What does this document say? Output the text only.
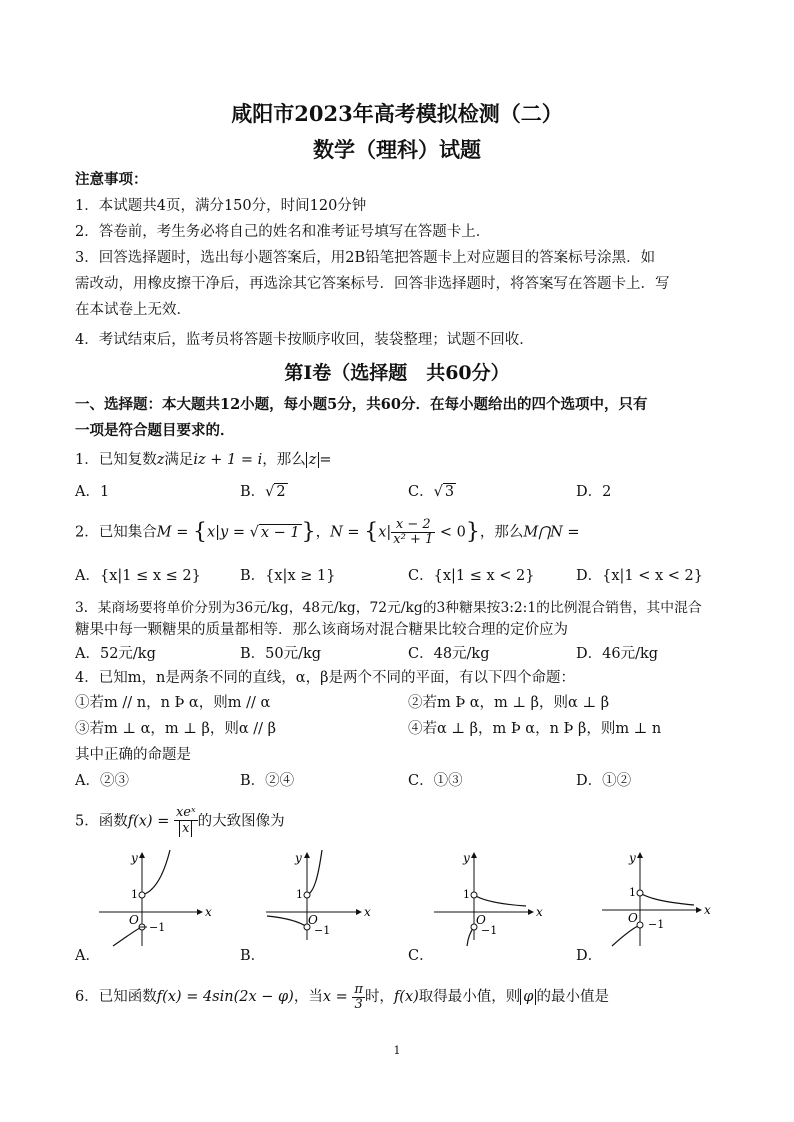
咸阳市2023年高考模拟检测（二）
数学（理科）试题
注意事项：
1．本试题共4页，满分150分，时间120分钟
2．答卷前，考生务必将自己的姓名和准考证号填写在答题卡上．
3．回答选择题时，选出每小题答案后，用2B铅笔把答题卡上对应题目的答案标号涂黑．如
需改动，用橡皮擦干净后，再选涂其它答案标号．回答非选择题时，将答案写在答题卡上．写
在本试卷上无效．
4．考试结束后，监考员将答题卡按顺序收回，装袋整理；试题不回收．
第Ⅰ卷（选择题　共60分）
一、选择题：本大题共12小题，每小题5分，共60分．在每小题给出的四个选项中，只有
一项是符合题目要求的．
1．已知复数z满足iz + 1 = i，那么 z =
A．1	B．√ 2	C．√ 3	D．2
2．已知集合M = {x|y = √ x − 1}，$N = \{x| \frac{x - 2}{\text{x² + 1}} < 0\}$，那么M⋂N =
A．{x|1 ≤ x ≤ 2}	B．{x|x ≥ 1}	C．{x|1 ≤ x < 2}	D．{x|1 < x < 2}
3．某商场要将单价分别为36元/kg，48元/kg，72元/kg的3种糖果按3:2:1的比例混合销售，其中混合
糖果中每一颗糖果的质量都相等．那么该商场对混合糖果比较合理的定价应为
A．52元/kg	B．50元/kg	C．48元/kg	D．46元/kg
4．已知m，n是两条不同的直线，α，β是两个不同的平面，有以下四个命题：
①若m // n，n Þ α，则m // α	②若m Þ α，m ⊥ β，则α ⊥ β
③若m ⊥ α，m ⊥ β，则α // β	④若α ⊥ β，m Þ α，n Þ β，则m ⊥ n
其中正确的命题是
A．②③	B．②④	C．①③	D．①②
5．函数$f(x) = \frac{\text{xeˣ}}{x}$ 的大致图像为
y
x
1
O
−1
A．
y
x
1
O
−1
B．
y
x
1
O
−1
C．
y
x
1
O −1
D．
6．已知函数f(x) = 4sin(2x − φ)，当$x = \frac{\pi}{3}$ 时，f(x)取得最小值，则 φ 的最小值是
1
